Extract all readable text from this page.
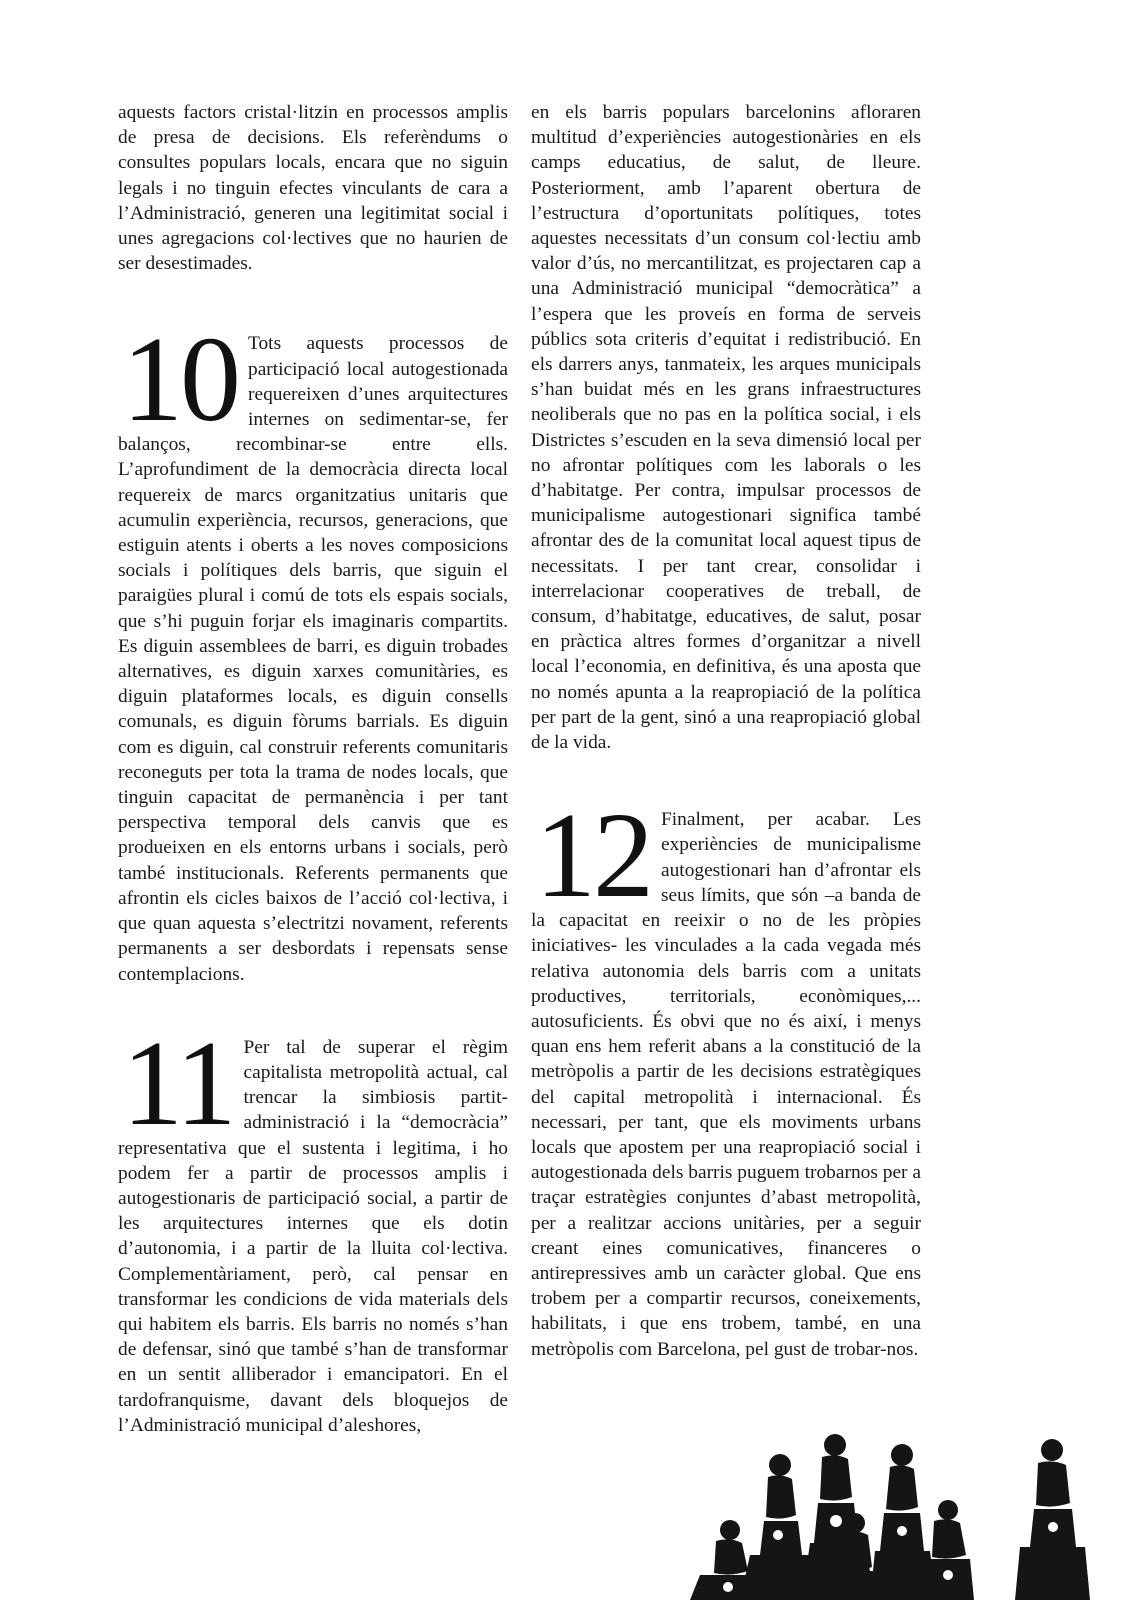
aquests factors cristal·litzin en processos amplis de presa de decisions. Els referèndums o consultes populars locals, encara que no siguin legals i no tinguin efectes vinculants de cara a l’Administració, generen una legitimitat social i unes agregacions col·lectives que no haurien de ser desestimades.

10 Tots aquests processos de participació local autogestionada requereixen d’unes arquitectures internes on sedimentar-se, fer balanços, recombinar-se entre ells. L’aprofundiment de la democràcia directa local requereix de marcs organitzatius unitaris que acumulin experiència, recursos, generacions, que estiguin atents i oberts a les noves composicions socials i polítiques dels barris, que siguin el paraigües plural i comú de tots els espais socials, que s’hi puguin forjar els imaginaris compartits. Es diguin assemblees de barri, es diguin trobades alternatives, es diguin xarxes comunitàries, es diguin plataformes locals, es diguin consells comunals, es diguin fòrums barrials. Es diguin com es diguin, cal construir referents comunitaris reconeguts per tota la trama de nodes locals, que tinguin capacitat de permanència i per tant perspectiva temporal dels canvis que es produeixen en els entorns urbans i socials, però també institucionals. Referents permanents que afrontin els cicles baixos de l’acció col·lectiva, i que quan aquesta s’electritzi novament, referents permanents a ser desbordats i repensats sense contemplacions.

11 Per tal de superar el règim capitalista metropolità actual, cal trencar la simbiosis partit-administració i la “democràcia” representativa que el sustenta i legitima, i ho podem fer a partir de processos amplis i autogestionaris de participació social, a partir de les arquitectures internes que els dotin d’autonomia, i a partir de la lluita col·lectiva. Complementàriament, però, cal pensar en transformar les condicions de vida materials dels qui habitem els barris. Els barris no només s’han de defensar, sinó que també s’han de transformar en un sentit alliberador i emancipatori. En el tardofranquisme, davant dels bloquejos de l’Administració municipal d’aleshores,

en els barris populars barcelonins afloraren multitud d’experiències autogestionàries en els camps educatius, de salut, de lleure. Posteriorment, amb l’aparent obertura de l’estructura d’oportunitats polítiques, totes aquestes necessitats d’un consum col·lectiu amb valor d’ús, no mercantilitzat, es projectaren cap a una Administració municipal “democràtica” a l’espera que les proveís en forma de serveis públics sota criteris d’equitat i redistribució. En els darrers anys, tanmateix, les arques municipals s’han buidat més en les grans infraestructures neoliberals que no pas en la política social, i els Districtes s’escuden en la seva dimensió local per no afrontar polítiques com les laborals o les d’habitatge. Per contra, impulsar processos de municipalisme autogestionari significa també afrontar des de la comunitat local aquest tipus de necessitats. I per tant crear, consolidar i interrelacionar cooperatives de treball, de consum, d’habitatge, educatives, de salut, posar en pràctica altres formes d’organitzar a nivell local l’economia, en definitiva, és una aposta que no només apunta a la reapropiació de la política per part de la gent, sinó a una reapropiació global de la vida.

12 Finalment, per acabar. Les experiències de municipalisme autogestionari han d’afrontar els seus límits, que són –a banda de la capacitat en reeixir o no de les pròpies iniciatives- les vinculades a la cada vegada més relativa autonomia dels barris com a unitats productives, territorials, econòmiques,... autosuficients. És obvi que no és així, i menys quan ens hem referit abans a la constitució de la metròpolis a partir de les decisions estratègiques del capital metropolità i internacional. És necessari, per tant, que els moviments urbans locals que apostem per una reapropiació social i autogestionada dels barris puguem trobarnos per a traçar estratègies conjuntes d’abast metropolità, per a realitzar accions unitàries, per a seguir creant eines comunicatives, financeres o antirepressives amb un caràcter global. Que ens trobem per a compartir recursos, coneixements, habilitats, i que ens trobem, també, en una metròpolis com Barcelona, pel gust de trobar-nos.
